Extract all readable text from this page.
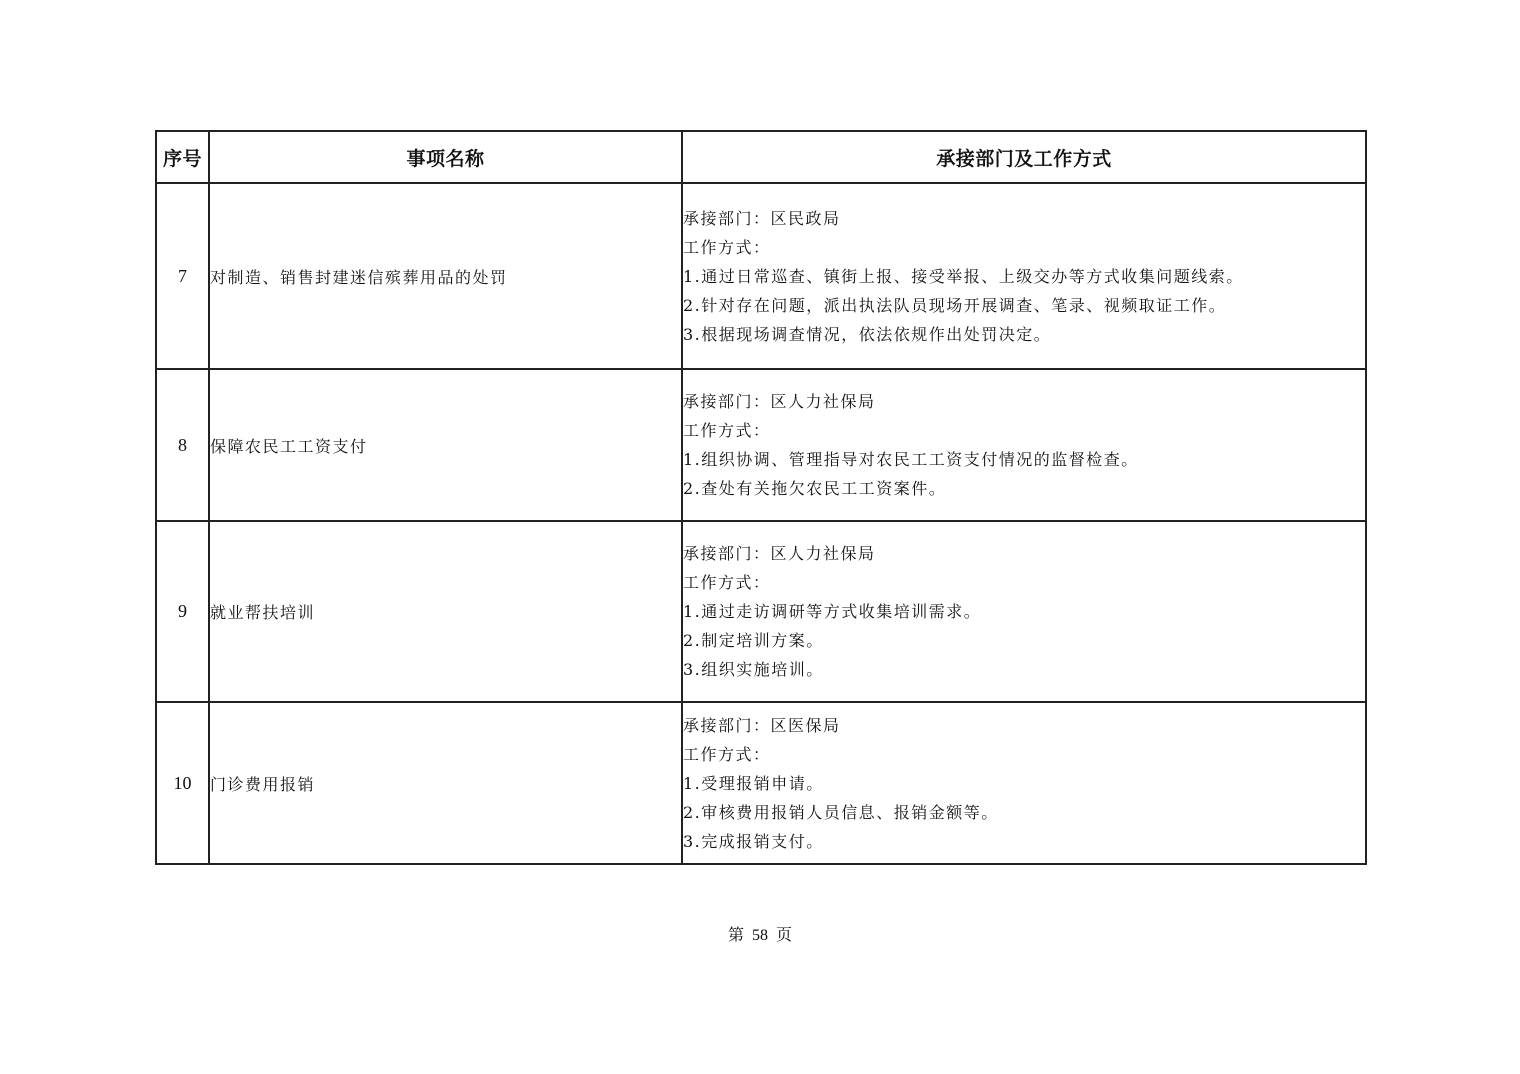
序号	事项名称	承接部门及工作方式
7	对制造、销售封建迷信殡葬用品的处罚	承接部门：区民政局
工作方式：
1.通过日常巡查、镇街上报、接受举报、上级交办等方式收集问题线索。
2.针对存在问题，派出执法队员现场开展调查、笔录、视频取证工作。
3.根据现场调查情况，依法依规作出处罚决定。

8	保障农民工工资支付	承接部门：区人力社保局
工作方式：
1.组织协调、管理指导对农民工工资支付情况的监督检查。
2.查处有关拖欠农民工工资案件。

9	就业帮扶培训	承接部门：区人力社保局
工作方式：
1.通过走访调研等方式收集培训需求。
2.制定培训方案。
3.组织实施培训。

10	门诊费用报销	承接部门：区医保局
工作方式：
1.受理报销申请。
2.审核费用报销人员信息、报销金额等。
3.完成报销支付。
第 58 页
